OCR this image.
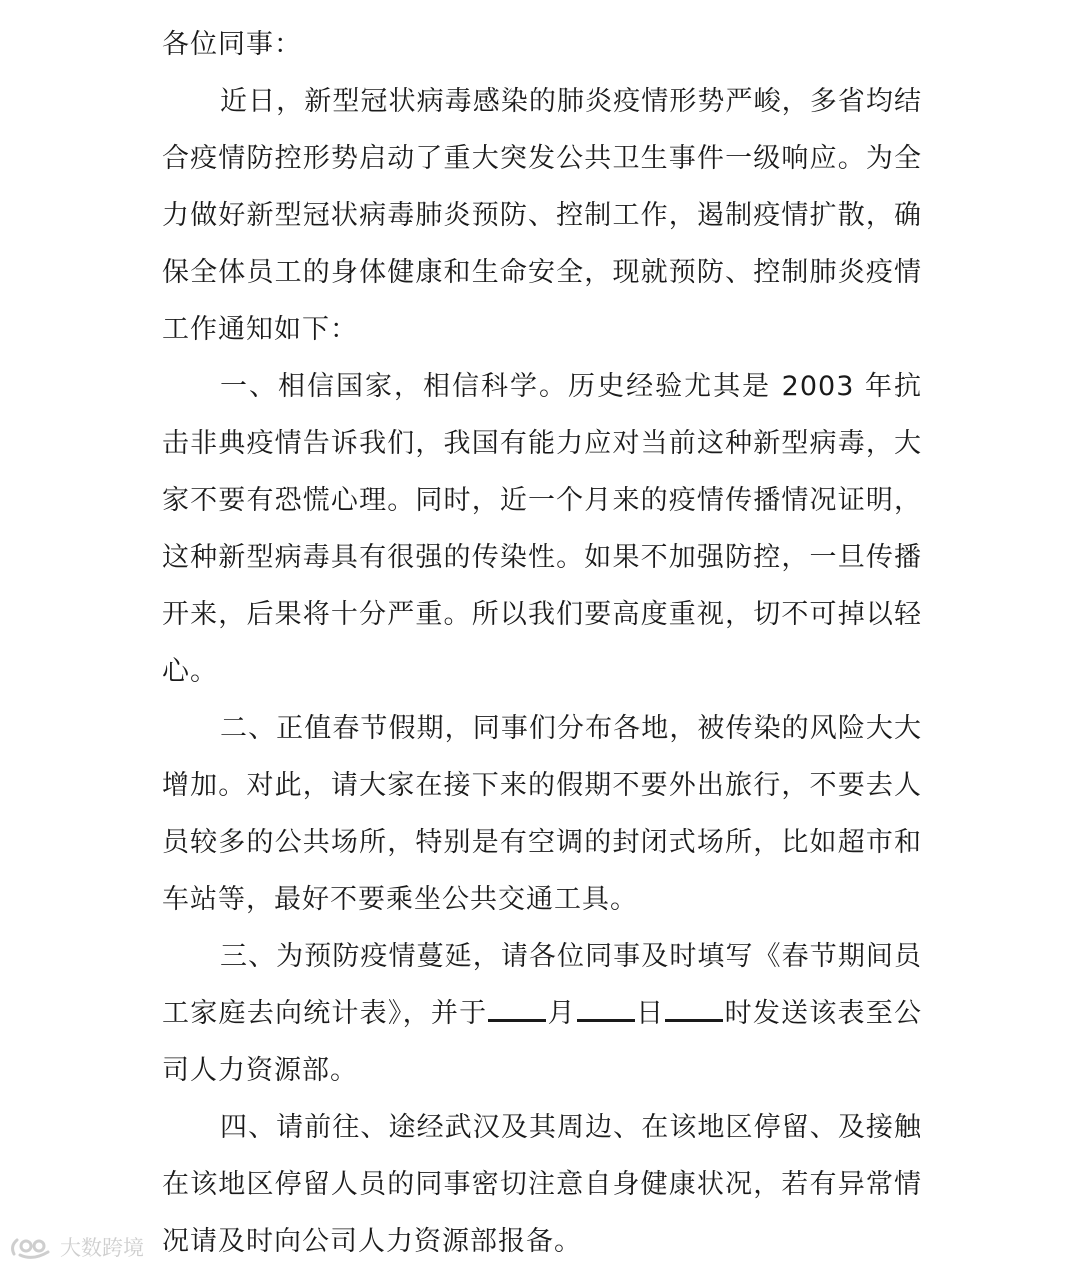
各位同事：

近日，新型冠状病毒感染的肺炎疫情形势严峻，多省均结合疫情防控形势启动了重大突发公共卫生事件一级响应。为全力做好新型冠状病毒肺炎预防、控制工作，遏制疫情扩散，确保全体员工的身体健康和生命安全，现就预防、控制肺炎疫情工作通知如下：

一、相信国家，相信科学。历史经验尤其是 2003 年抗击非典疫情告诉我们，我国有能力应对当前这种新型病毒，大家不要有恐慌心理。同时，近一个月来的疫情传播情况证明，这种新型病毒具有很强的传染性。如果不加强防控，一旦传播开来，后果将十分严重。所以我们要高度重视，切不可掉以轻心。

二、正值春节假期，同事们分布各地，被传染的风险大大增加。对此，请大家在接下来的假期不要外出旅行，不要去人员较多的公共场所，特别是有空调的封闭式场所，比如超市和车站等，最好不要乘坐公共交通工具。

三、为预防疫情蔓延，请各位同事及时填写《春节期间员工家庭去向统计表》，并于 月 日 时发送该表至公司人力资源部。

四、请前往、途经武汉及其周边、在该地区停留、及接触在该地区停留人员的同事密切注意自身健康状况，若有异常情况请及时向公司人力资源部报备。

大数跨境
